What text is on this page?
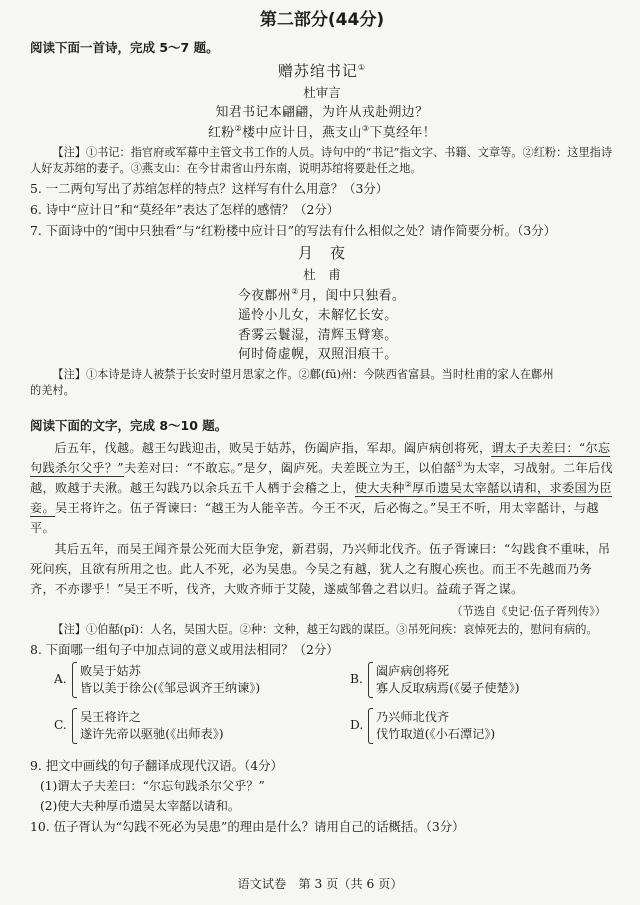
第二部分(44分)
阅读下面一首诗，完成 5～7 题。
赠苏绾书记①
杜审言
知君书记本翩翩，为许从戎赴朔边？
红粉②楼中应计日，燕支山③下莫经年！
【注】①书记：指官府或军幕中主管文书工作的人员。诗句中的“书记”指文字、书籍、文章等。②红粉：这里指诗人好友苏绾的妻子。③燕支山：在今甘肃省山丹东南，说明苏绾将要赴任之地。
5. 一二两句写出了苏绾怎样的特点？这样写有什么用意？（3分）
6. 诗中“应计日”和“莫经年”表达了怎样的感情？（2分）
7. 下面诗中的“闺中只独看”与“红粉楼中应计日”的写法有什么相似之处？请作简要分析。（3分）
月　夜
杜　甫
今夜鄜州②月，闺中只独看。
遥怜小儿女，未解忆长安。
香雾云鬟湿，清辉玉臂寒。
何时倚虚幌，双照泪痕干。
【注】①本诗是诗人被禁于长安时望月思家之作。②鄜(fū)州：今陕西省富县。当时杜甫的家人在鄜州
的羌村。
阅读下面的文字，完成 8～10 题。
后五年，伐越。越王勾践迎击，败吴于姑苏，伤阖庐指，军却。阖庐病创将死，谓太子夫差曰：“尔忘句践杀尔父乎？”夫差对曰：“不敢忘。”是夕，阖庐死。夫差既立为王，以伯嚭①为太宰，习战射。二年后伐越，败越于夫湫。越王勾践乃以余兵五千人栖于会稽之上，使大夫种②厚币遗吴太宰嚭以请和，求委国为臣妾。吴王将许之。伍子胥谏曰：“越王为人能辛苦。今王不灭，后必悔之。”吴王不听，用太宰嚭计，与越平。
其后五年，而吴王闻齐景公死而大臣争宠，新君弱，乃兴师北伐齐。伍子胥谏曰：“勾践食不重味，吊死问疾，且欲有所用之也。此人不死，必为吴患。今吴之有越，犹人之有腹心疾也。而王不先越而乃务齐，不亦谬乎！”吴王不听，伐齐，大败齐师于艾陵，遂威邹鲁之君以归。益疏子胥之谋。
（节选自《史记·伍子胥列传》）
【注】①伯嚭(pǐ)：人名，吴国大臣。②种：文种，越王勾践的谋臣。③吊死问疾：哀悼死去的，慰问有病的。
8. 下面哪一组句子中加点词的意义或用法相同？（2分）
A.
败吴于姑苏
皆以美于徐公(《邹忌讽齐王纳谏》)
B.
阖庐病创将死
寡人反取病焉(《晏子使楚》)
C.
吴王将许之
遂许先帝以驱驰(《出师表》)
D.
乃兴师北伐齐
伐竹取道(《小石潭记》)
9. 把文中画线的句子翻译成现代汉语。（4分）
(1)谓太子夫差曰：“尔忘句践杀尔父乎？”
(2)使大夫种厚币遗吴太宰嚭以请和。
10. 伍子胥认为“勾践不死必为吴患”的理由是什么？请用自己的话概括。（3分）
语文试卷　第 3 页（共 6 页）
